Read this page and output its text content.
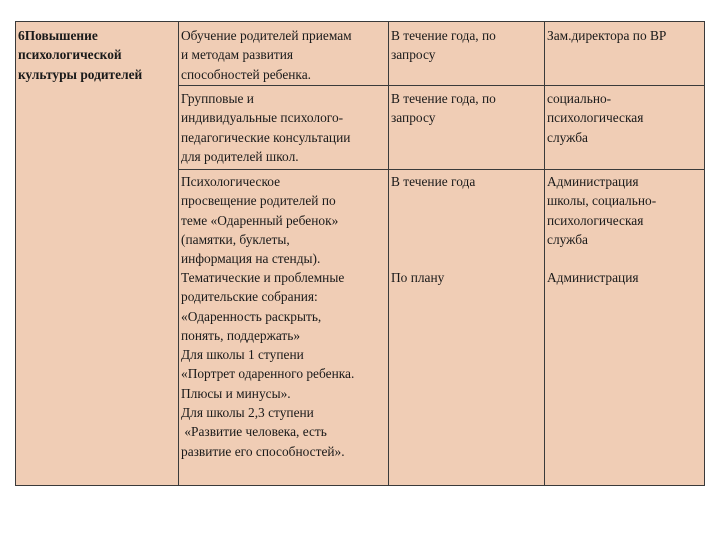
6Повышение
психологической
культуры родителей
Обучение родителей приемам
и методам развития
способностей ребенка.
В течение года, по
запросу
Зам.директора по ВР
Групповые и
индивидуальные психолого-
педагогические консультации
для родителей школ.
В течение года, по
запросу
социально-
психологическая
служба
Психологическое
просвещение родителей по
теме «Одаренный ребенок»
(памятки, буклеты,
информация на стенды).
В течение года	Администрация
школы, социально-
психологическая
служба
Тематические и проблемные
родительские собрания:
«Одаренность раскрыть,
понять, поддержать»
Для школы 1 ступени
«Портрет одаренного ребенка.
Плюсы и минусы».
Для школы 2,3 ступени
«Развитие человека, есть
развитие его способностей».
По плану	Администрация
